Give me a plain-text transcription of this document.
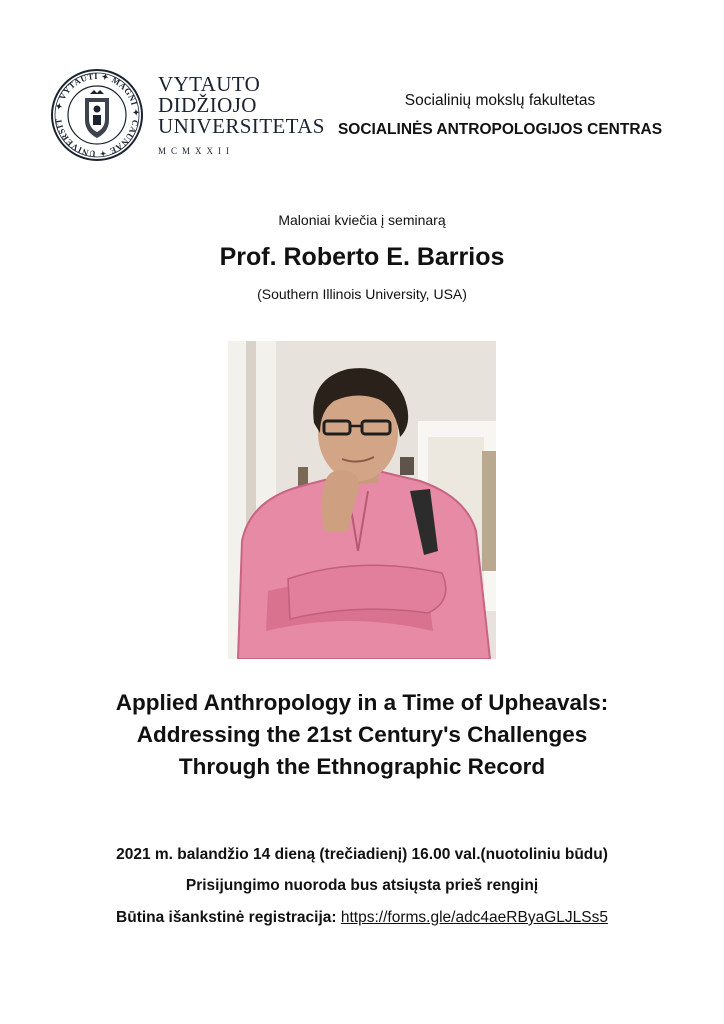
✦ VYTAUTI ✦ MAGNI ✦ CAUNAE ✦ UNIVERSIT
VYTAUTO
DIDŽIOJO
UNIVERSITETAS
MCMXXII
Socialinių mokslų fakultetas
SOCIALINĖS ANTROPOLOGIJOS CENTRAS
Maloniai kviečia į seminarą
Prof. Roberto E. Barrios
(Southern Illinois University, USA)
Applied Anthropology in a Time of Upheavals:
Addressing the 21st Century's Challenges
Through the Ethnographic Record
2021 m. balandžio 14 dieną (trečiadienį) 16.00 val.(nuotoliniu būdu)
Prisijungimo nuoroda bus atsiųsta prieš renginį
Būtina išankstinė registracija: https://forms.gle/adc4aeRByaGLJLSs5
